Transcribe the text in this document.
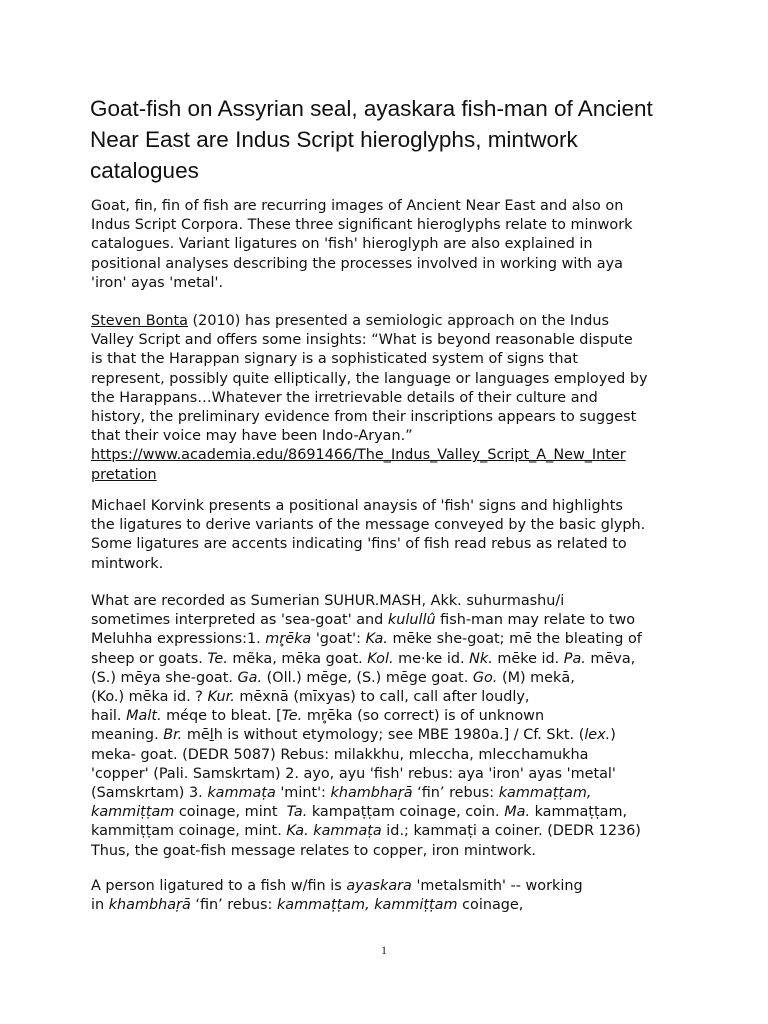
Goat-fish on Assyrian seal, ayaskara fish-man of Ancient
Near East are Indus Script hieroglyphs, mintwork
catalogues

Goat, fin, fin of fish are recurring images of Ancient Near East and also on
Indus Script Corpora. These three significant hieroglyphs relate to minwork
catalogues. Variant ligatures on 'fish' hieroglyph are also explained in
positional analyses describing the processes involved in working with aya
'iron' ayas 'metal'.

Steven Bonta (2010) has presented a semiologic approach on the Indus
Valley Script and offers some insights: “What is beyond reasonable dispute
is that the Harappan signary is a sophisticated system of signs that
represent, possibly quite elliptically, the language or languages employed by
the Harappans…Whatever the irretrievable details of their culture and
history, the preliminary evidence from their inscriptions appears to suggest
that their voice may have been Indo-Aryan.”
https://www.academia.edu/8691466/The_Indus_Valley_Script_A_New_Inter
pretation

Michael Korvink presents a positional anaysis of 'fish' signs and highlights
the ligatures to derive variants of the message conveyed by the basic glyph.
Some ligatures are accents indicating 'fins' of fish read rebus as related to
mintwork.

What are recorded as Sumerian SUHUR.MASH, Akk. suhurmashu/i
sometimes interpreted as 'sea-goat' and kulullû fish-man may relate to two
Meluhha expressions:1. mr̥ēka 'goat': Ka. mēke she-goat; mē the bleating of
sheep or goats. Te. mẽka, mēka goat. Kol. me·ke id. Nk. mēke id. Pa. mēva,
(S.) mēya she-goat. Ga. (Oll.) mēge, (S.) mēge goat. Go. (M) mekā,
(Ko.) mēka id. ? Kur. mēxnā (mīxyas) to call, call after loudly,
hail. Malt. méqe to bleat. [Te. mr̥ēka (so correct) is of unknown
meaning. Br. mēḻh is without etymology; see MBE 1980a.] / Cf. Skt. (lex.)
meka- goat. (DEDR 5087) Rebus: milakkhu, mleccha, mlecchamukha
'copper' (Pali. Samskrtam) 2. ayo, ayu 'fish' rebus: aya 'iron' ayas 'metal'
(Samskrtam) 3. kammaṭa 'mint': khambhaṛā ‘fin’ rebus: kammaṭṭam,
kammiṭṭam coinage, mint  Ta. kampaṭṭam coinage, coin. Ma. kammaṭṭam,
kammiṭṭam coinage, mint. Ka. kammaṭa id.; kammaṭi a coiner. (DEDR 1236)
Thus, the goat-fish message relates to copper, iron mintwork.

A person ligatured to a fish w/fin is ayaskara 'metalsmith' -- working
in khambhaṛā ‘fin’ rebus: kammaṭṭam, kammiṭṭam coinage,

1
